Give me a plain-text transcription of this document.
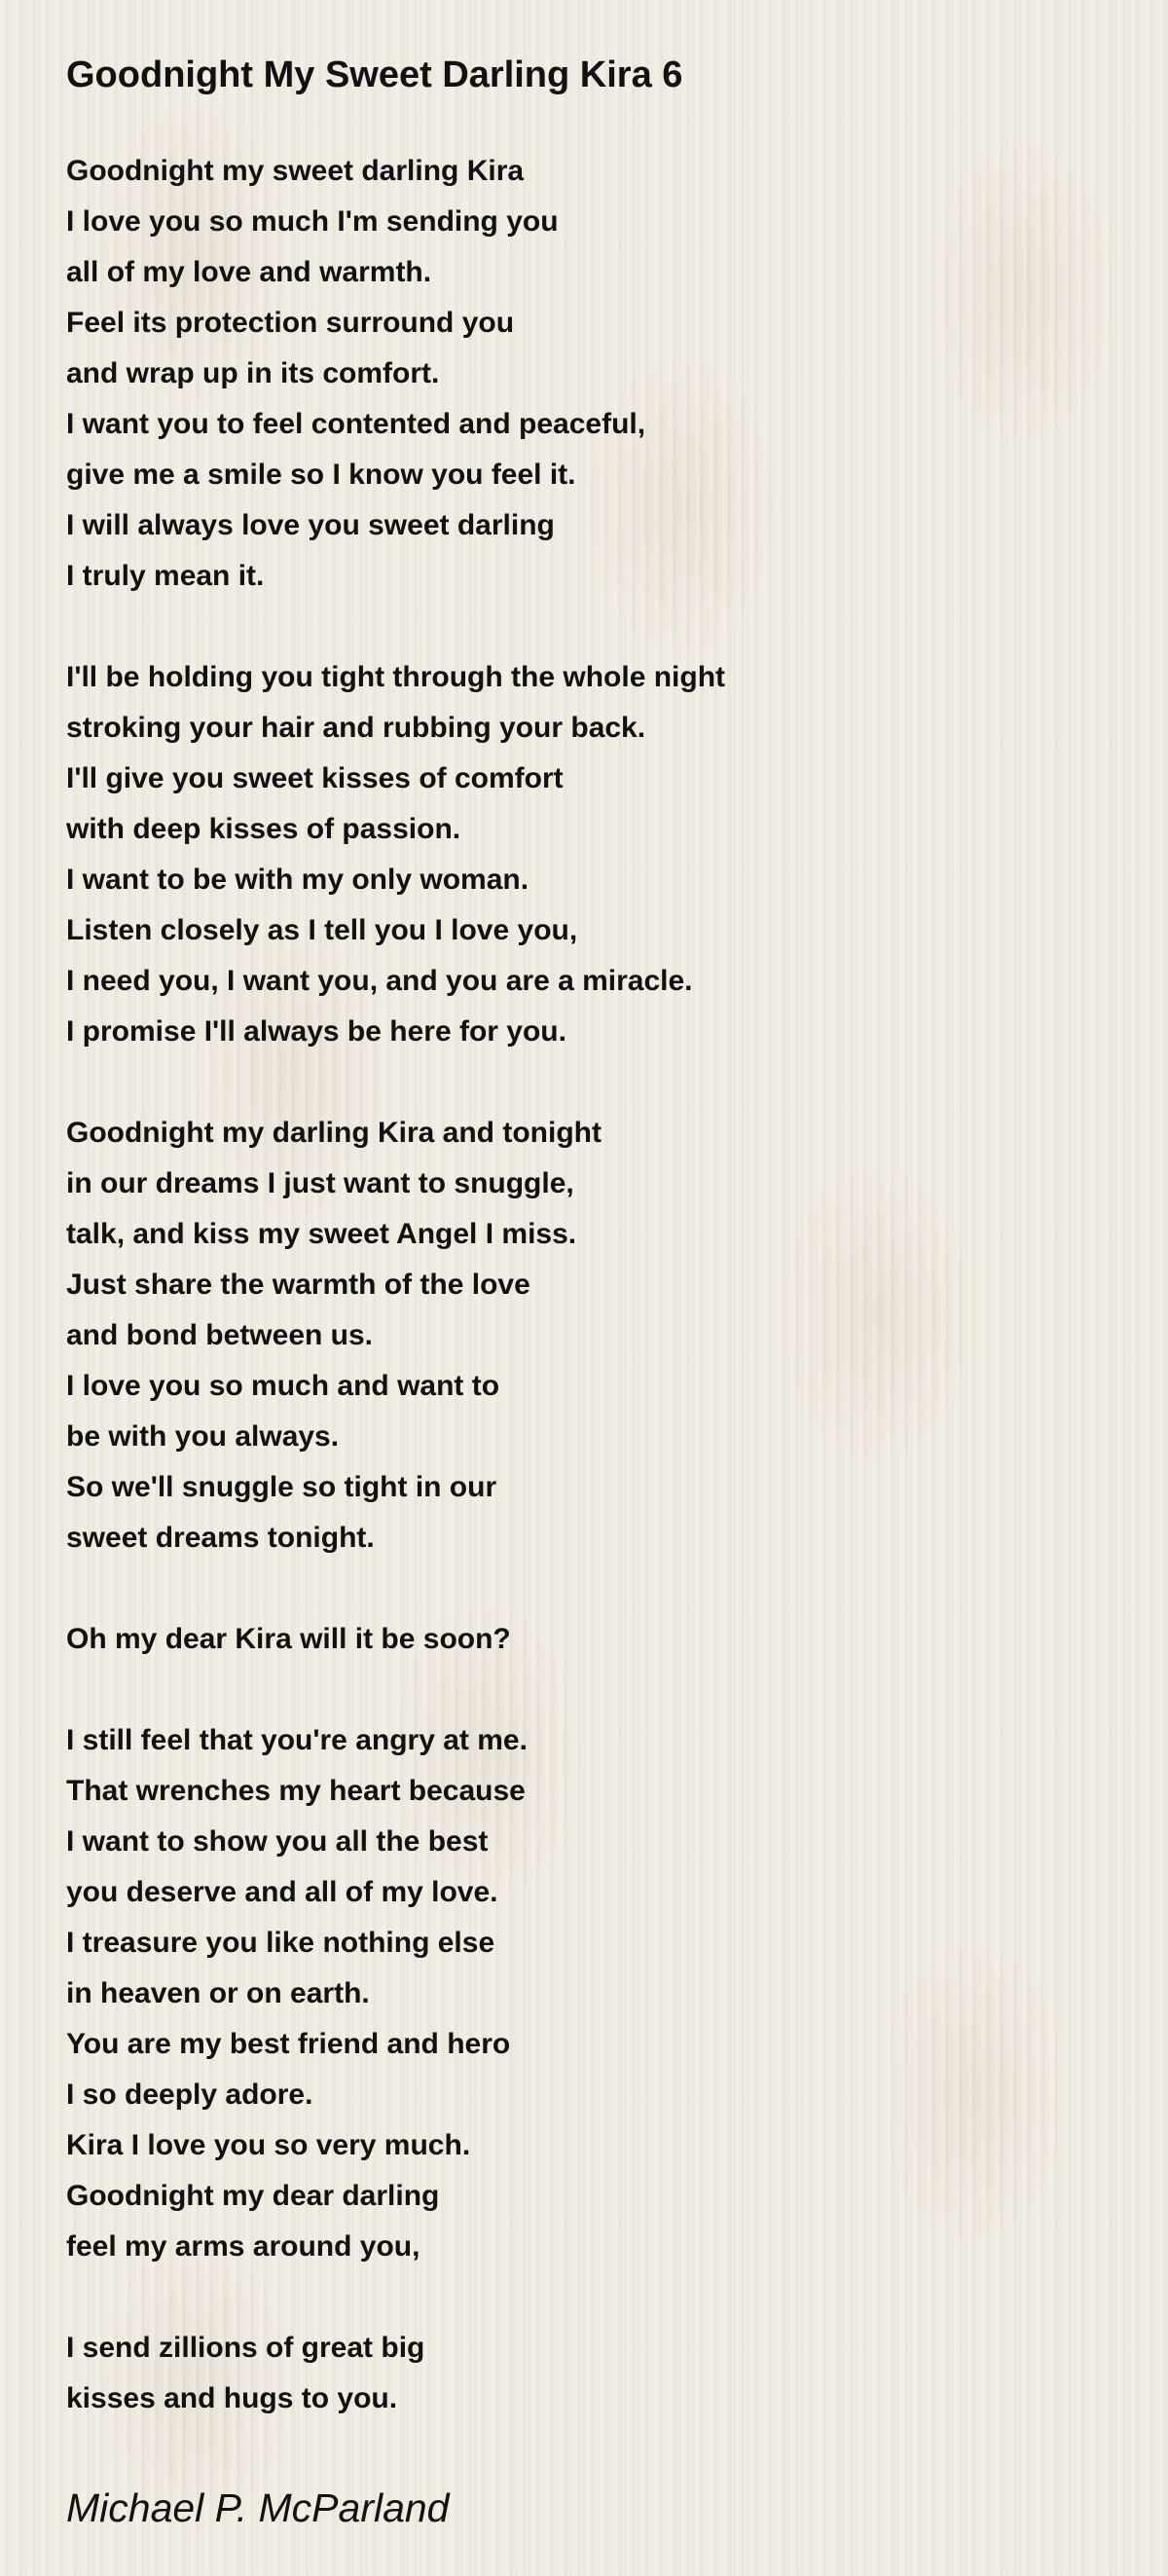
Goodnight My Sweet Darling Kira 6
Goodnight my sweet darling Kira
I love you so much I'm sending you
all of my love and warmth.
Feel its protection surround you
and wrap up in its comfort.
I want you to feel contented and peaceful,
give me a smile so I know you feel it.
I will always love you sweet darling
I truly mean it.
I'll be holding you tight through the whole night
stroking your hair and rubbing your back.
I'll give you sweet kisses of comfort
with deep kisses of passion.
I want to be with my only woman.
Listen closely as I tell you I love you,
I need you, I want you, and you are a miracle.
I promise I'll always be here for you.
Goodnight my darling Kira and tonight
in our dreams I just want to snuggle,
talk, and kiss my sweet Angel I miss.
Just share the warmth of the love
and bond between us.
I love you so much and want to
be with you always.
So we'll snuggle so tight in our
sweet dreams tonight.
Oh my dear Kira will it be soon?
I still feel that you're angry at me.
That wrenches my heart because
I want to show you all the best
you deserve and all of my love.
I treasure you like nothing else
in heaven or on earth.
You are my best friend and hero
I so deeply adore.
Kira I love you so very much.
Goodnight my dear darling
feel my arms around you,
I send zillions of great big
kisses and hugs to you.
Michael P. McParland
